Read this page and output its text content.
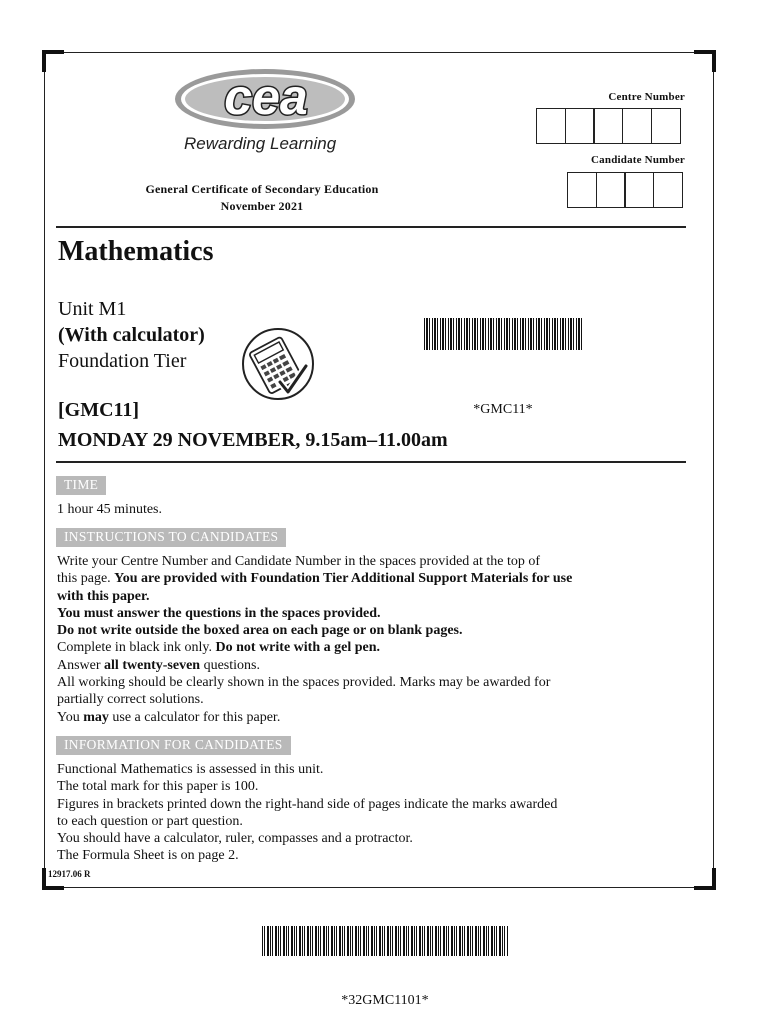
cea
Rewarding Learning
General Certificate of Secondary Education
November 2021
Centre Number
Candidate Number
Mathematics
Unit M1
(With calculator)
Foundation Tier
*GMC11*
[GMC11]
MONDAY 29 NOVEMBER, 9.15am–11.00am
TIME
1 hour 45 minutes.
INSTRUCTIONS TO CANDIDATES
Write your Centre Number and Candidate Number in the spaces provided at the top of
this page. You are provided with Foundation Tier Additional Support Materials for use
with this paper.
You must answer the questions in the spaces provided.
Do not write outside the boxed area on each page or on blank pages.
Complete in black ink only. Do not write with a gel pen.
Answer all twenty-seven questions.
All working should be clearly shown in the spaces provided. Marks may be awarded for
partially correct solutions.
You may use a calculator for this paper.
INFORMATION FOR CANDIDATES
Functional Mathematics is assessed in this unit.
The total mark for this paper is 100.
Figures in brackets printed down the right-hand side of pages indicate the marks awarded
to each question or part question.
You should have a calculator, ruler, compasses and a protractor.
The Formula Sheet is on page 2.
12917.06 R
*32GMC1101*
